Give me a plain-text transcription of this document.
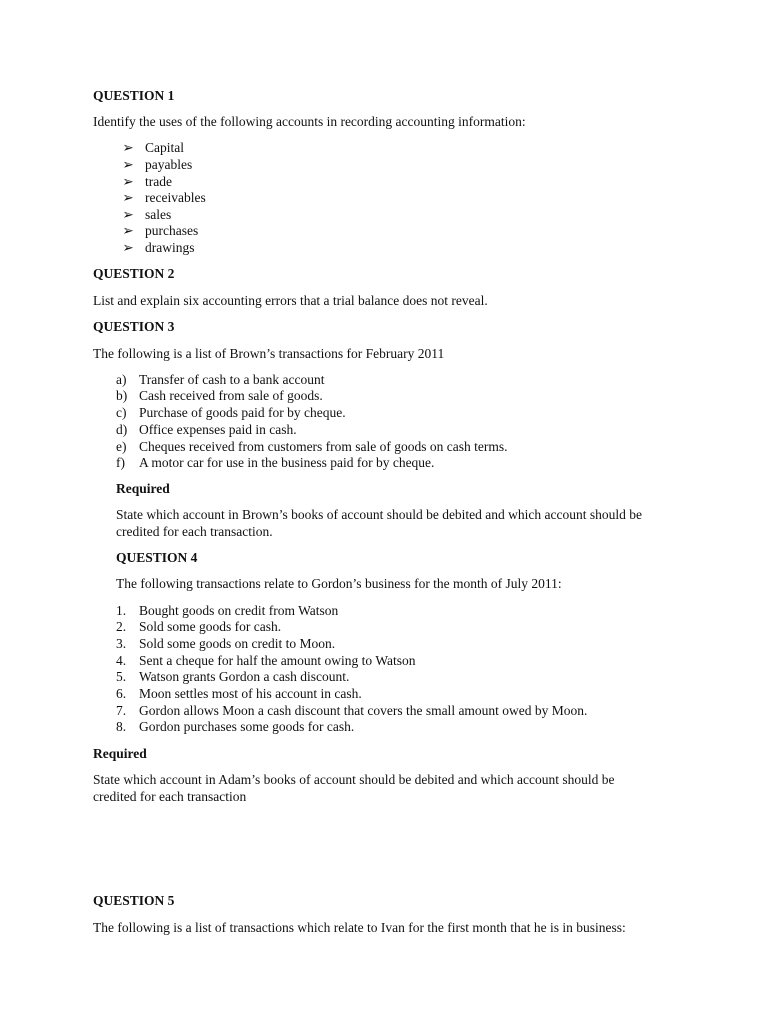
QUESTION 1
Identify the uses of the following accounts in recording accounting information:
➢ Capital
➢ payables
➢ trade
➢ receivables
➢ sales
➢ purchases
➢ drawings
QUESTION 2
List and explain six accounting errors that a trial balance does not reveal.
QUESTION 3
The following is a list of Brown’s transactions for February 2011
a) Transfer of cash to a bank account
b) Cash received from sale of goods.
c) Purchase of goods paid for by cheque.
d) Office expenses paid in cash.
e) Cheques received from customers from sale of goods on cash terms.
f) A motor car for use in the business paid for by cheque.
Required
State which account in Brown’s books of account should be debited and which account should be
credited for each transaction.
QUESTION 4
The following transactions relate to Gordon’s business for the month of July 2011:
1. Bought goods on credit from Watson
2. Sold some goods for cash.
3. Sold some goods on credit to Moon.
4. Sent a cheque for half the amount owing to Watson
5. Watson grants Gordon a cash discount.
6. Moon settles most of his account in cash.
7. Gordon allows Moon a cash discount that covers the small amount owed by Moon.
8. Gordon purchases some goods for cash.
Required
State which account in Adam’s books of account should be debited and which account should be
credited for each transaction
QUESTION 5
The following is a list of transactions which relate to Ivan for the first month that he is in business:
